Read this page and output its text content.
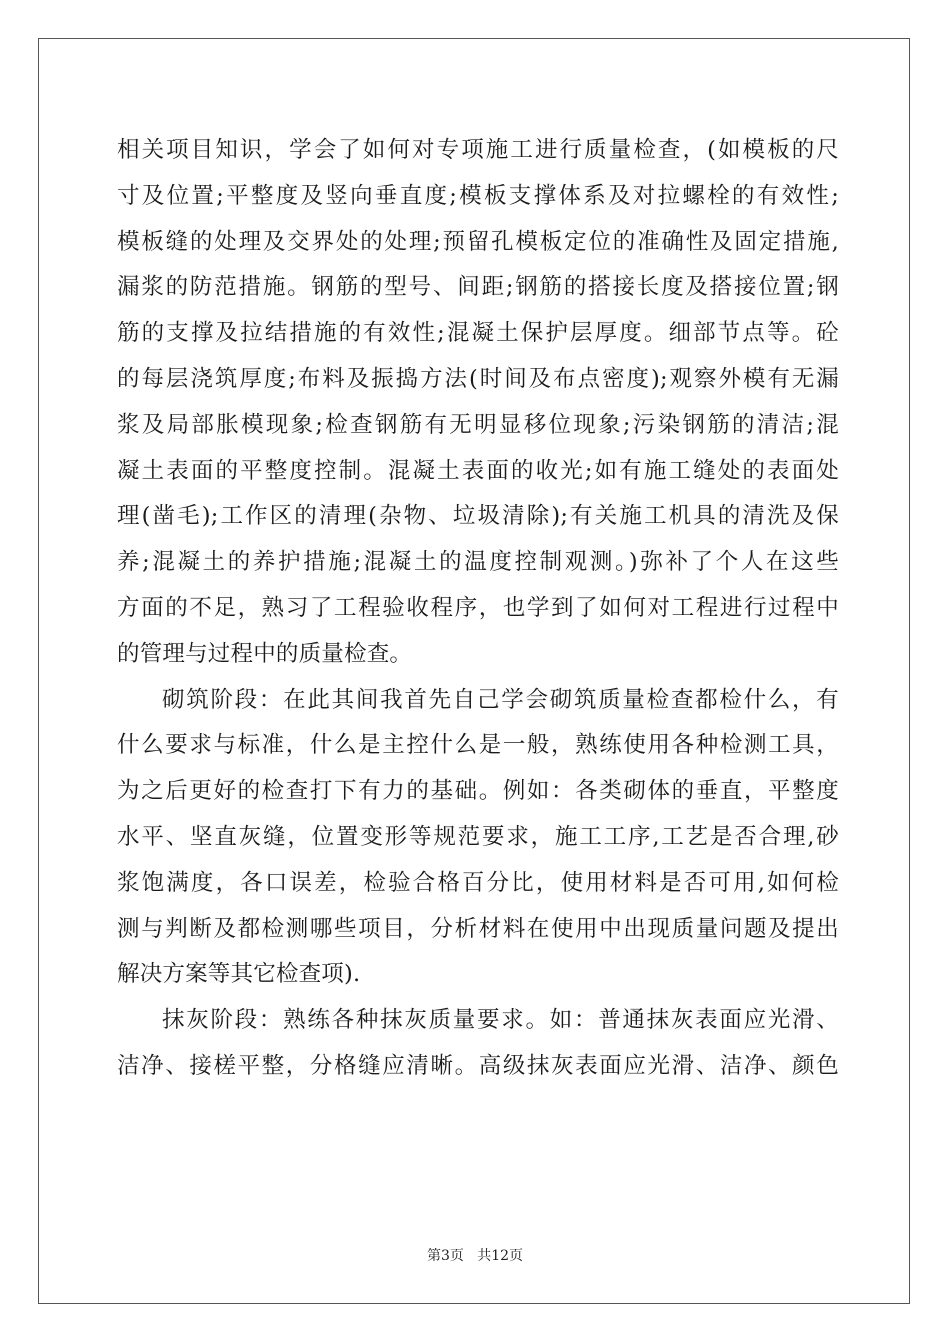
相关项目知识，学会了如何对专项施工进行质量检查，(如模板的尺
寸及位置;平整度及竖向垂直度;模板支撑体系及对拉螺栓的有效性;
模板缝的处理及交界处的处理;预留孔模板定位的准确性及固定措施,
漏浆的防范措施。钢筋的型号、间距;钢筋的搭接长度及搭接位置;钢
筋的支撑及拉结措施的有效性;混凝土保护层厚度。细部节点等。砼
的每层浇筑厚度;布料及振捣方法(时间及布点密度);观察外模有无漏
浆及局部胀模现象;检查钢筋有无明显移位现象;污染钢筋的清洁;混
凝土表面的平整度控制。混凝土表面的收光;如有施工缝处的表面处
理(凿毛);工作区的清理(杂物、垃圾清除);有关施工机具的清洗及保
养;混凝土的养护措施;混凝土的温度控制观测。)弥补了个人在这些
方面的不足，熟习了工程验收程序，也学到了如何对工程进行过程中
的管理与过程中的质量检查。
砌筑阶段：在此其间我首先自己学会砌筑质量检查都检什么，有
什么要求与标准，什么是主控什么是一般，熟练使用各种检测工具，
为之后更好的检查打下有力的基础。例如：各类砌体的垂直，平整度
水平、坚直灰缝，位置变形等规范要求，施工工序,工艺是否合理,砂
浆饱满度，各口误差，检验合格百分比，使用材料是否可用,如何检
测与判断及都检测哪些项目，分析材料在使用中出现质量问题及提出
解决方案等其它检查项).
抹灰阶段：熟练各种抹灰质量要求。如：普通抹灰表面应光滑、
洁净、接槎平整，分格缝应清晰。高级抹灰表面应光滑、洁净、颜色
第3页   共12页
